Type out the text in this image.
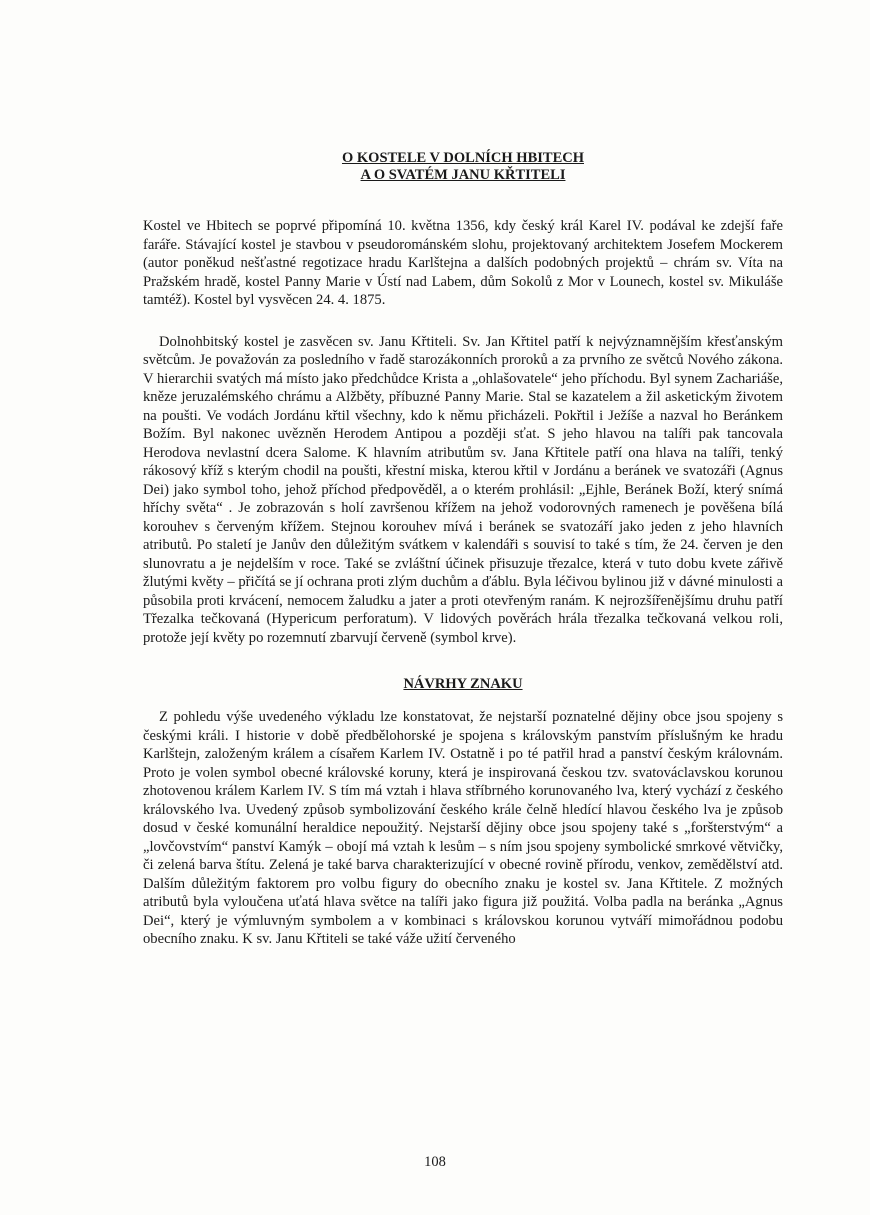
O KOSTELE V DOLNÍCH HBITECH
A O SVATÉM JANU KŘTITELI

Kostel ve Hbitech se poprvé připomíná 10. května 1356, kdy český král Karel IV. podával ke zdejší faře faráře. Stávající kostel je stavbou v pseudorománském slohu, projektovaný architektem Josefem Mockerem (autor poněkud nešťastné regotizace hradu Karlštejna a dalších podobných projektů – chrám sv. Víta na Pražském hradě, kostel Panny Marie v Ústí nad Labem, dům Sokolů z Mor v Lounech, kostel sv. Mikuláše tamtéž). Kostel byl vysvěcen 24. 4. 1875.

Dolnohbitský kostel je zasvěcen sv. Janu Křtiteli. Sv. Jan Křtitel patří k nejvýznamnějším křesťanským světcům. Je považován za posledního v řadě starozákonních proroků a za prvního ze světců Nového zákona. V hierarchii svatých má místo jako předchůdce Krista a „ohlašovatele“ jeho příchodu. Byl synem Zachariáše, kněze jeruzalémského chrámu a Alžběty, příbuzné Panny Marie. Stal se kazatelem a žil asketickým životem na poušti. Ve vodách Jordánu křtil všechny, kdo k němu přicházeli. Pokřtil i Ježíše a nazval ho Beránkem Božím. Byl nakonec uvězněn Herodem Antipou a později sťat. S jeho hlavou na talíři pak tancovala Herodova nevlastní dcera Salome. K hlavním atributům sv. Jana Křtitele patří ona hlava na talíři, tenký rákosový kříž s kterým chodil na poušti, křestní miska, kterou křtil v Jordánu a beránek ve svatozáři (Agnus Dei) jako symbol toho, jehož příchod předpověděl, a o kterém prohlásil: „Ejhle, Beránek Boží, který snímá hříchy světa“ . Je zobrazován s holí završenou křížem na jehož vodorovných ramenech je pověšena bílá korouhev s červeným křížem. Stejnou korouhev mívá i beránek se svatozáří jako jeden z jeho hlavních atributů. Po staletí je Janův den důležitým svátkem v kalendáři s souvisí to také s tím, že 24. červen je den slunovratu a je nejdelším v roce. Také se zvláštní účinek přisuzuje třezalce, která v tuto dobu kvete zářivě žlutými květy – přičítá se jí ochrana proti zlým duchům a ďáblu. Byla léčivou bylinou již v dávné minulosti a působila proti krvácení, nemocem žaludku a jater a proti otevřeným ranám. K nejrozšířenějšímu druhu patří Třezalka tečkovaná (Hypericum perforatum). V lidových pověrách hrála třezalka tečkovaná velkou roli, protože její květy po rozemnutí zbarvují červeně (symbol krve).

NÁVRHY ZNAKU

Z pohledu výše uvedeného výkladu lze konstatovat, že nejstarší poznatelné dějiny obce jsou spojeny s českými králi. I historie v době předbělohorské je spojena s královským panstvím příslušným ke hradu Karlštejn, založeným králem a císařem Karlem IV. Ostatně i po té patřil hrad a panství českým královnám. Proto je volen symbol obecné královské koruny, která je inspirovaná českou tzv. svatováclavskou korunou zhotovenou králem Karlem IV. S tím má vztah i hlava stříbrného korunovaného lva, který vychází z českého královského lva. Uvedený způsob symbolizování českého krále čelně hledící hlavou českého lva je způsob dosud v české komunální heraldice nepoužitý. Nejstarší dějiny obce jsou spojeny také s „foršterstvým“ a „lovčovstvím“ panství Kamýk – obojí má vztah k lesům – s ním jsou spojeny symbolické smrkové větvičky, či zelená barva štítu. Zelená je také barva charakterizující v obecné rovině přírodu, venkov, zemědělství atd. Dalším důležitým faktorem pro volbu figury do obecního znaku je kostel sv. Jana Křtitele. Z možných atributů byla vyloučena uťatá hlava světce na talíři jako figura již použitá. Volba padla na beránka „Agnus Dei“, který je výmluvným symbolem a v kombinaci s královskou korunou vytváří mimořádnou podobu obecního znaku. K sv. Janu Křtiteli se také váže užití červeného

108
